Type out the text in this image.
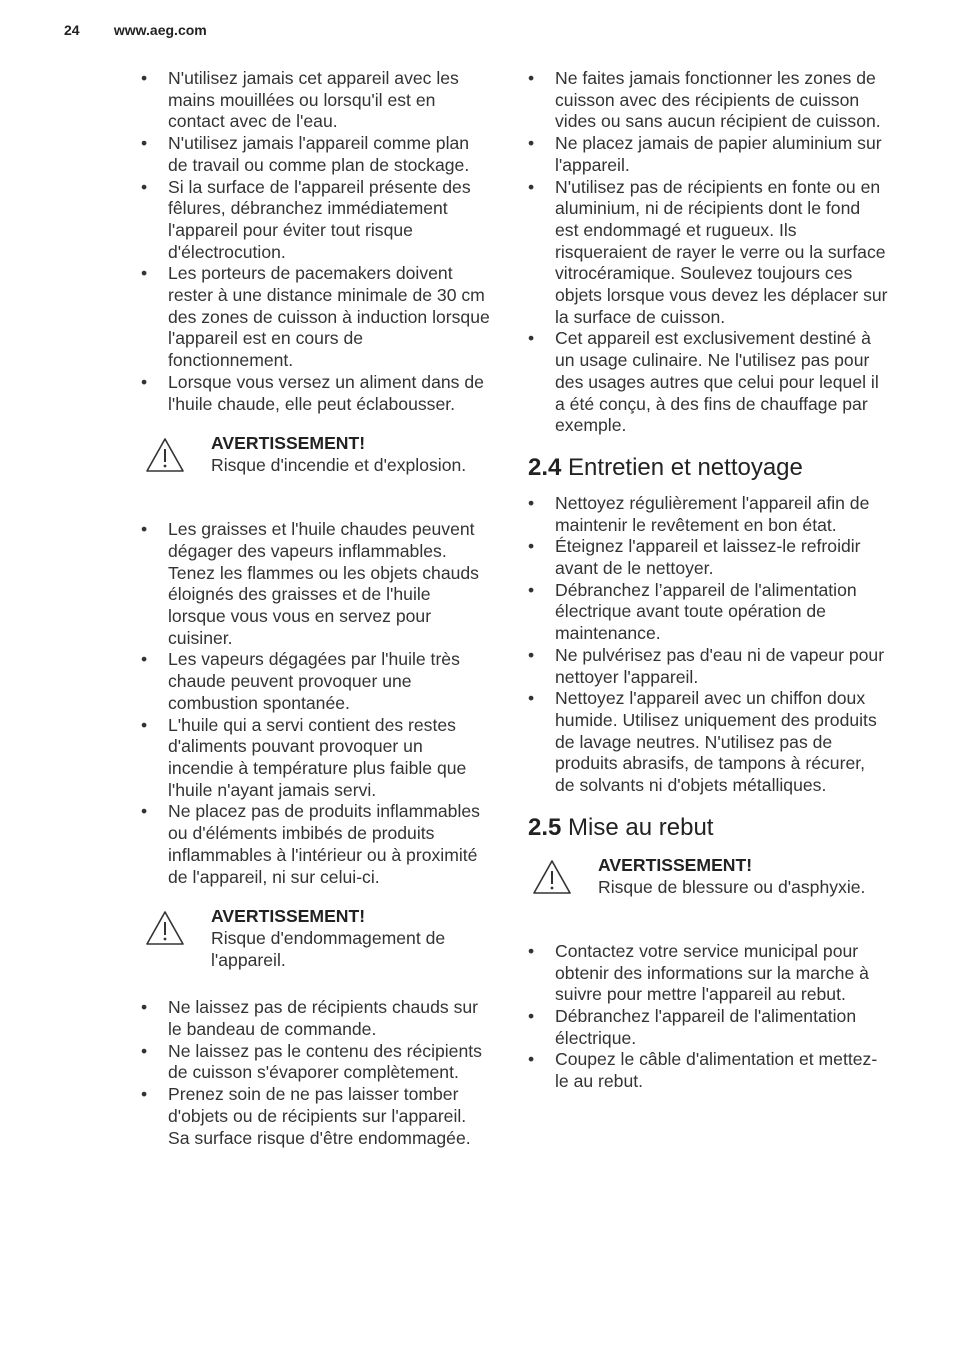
24 www.aeg.com
• N'utilisez jamais cet appareil avec les mains mouillées ou lorsqu'il est en contact avec de l'eau.
• N'utilisez jamais l'appareil comme plan de travail ou comme plan de stockage.
• Si la surface de l'appareil présente des fêlures, débranchez immédiatement l'appareil pour éviter tout risque d'électrocution.
• Les porteurs de pacemakers doivent rester à une distance minimale de 30 cm des zones de cuisson à induction lorsque l'appareil est en cours de fonctionnement.
• Lorsque vous versez un aliment dans de l'huile chaude, elle peut éclabousser.
AVERTISSEMENT!
Risque d'incendie et d'explosion.
• Les graisses et l'huile chaudes peuvent dégager des vapeurs inflammables. Tenez les flammes ou les objets chauds éloignés des graisses et de l'huile lorsque vous vous en servez pour cuisiner.
• Les vapeurs dégagées par l'huile très chaude peuvent provoquer une combustion spontanée.
• L'huile qui a servi contient des restes d'aliments pouvant provoquer un incendie à température plus faible que l'huile n'ayant jamais servi.
• Ne placez pas de produits inflammables ou d'éléments imbibés de produits inflammables à l'intérieur ou à proximité de l'appareil, ni sur celui-ci.
AVERTISSEMENT!
Risque d'endommagement de l'appareil.
• Ne laissez pas de récipients chauds sur le bandeau de commande.
• Ne laissez pas le contenu des récipients de cuisson s'évaporer complètement.
• Prenez soin de ne pas laisser tomber d'objets ou de récipients sur l'appareil. Sa surface risque d'être endommagée.
• Ne faites jamais fonctionner les zones de cuisson avec des récipients de cuisson vides ou sans aucun récipient de cuisson.
• Ne placez jamais de papier aluminium sur l'appareil.
• N'utilisez pas de récipients en fonte ou en aluminium, ni de récipients dont le fond est endommagé et rugueux. Ils risqueraient de rayer le verre ou la surface vitrocéramique. Soulevez toujours ces objets lorsque vous devez les déplacer sur la surface de cuisson.
• Cet appareil est exclusivement destiné à un usage culinaire. Ne l'utilisez pas pour des usages autres que celui pour lequel il a été conçu, à des fins de chauffage par exemple.
2.4 Entretien et nettoyage
• Nettoyez régulièrement l'appareil afin de maintenir le revêtement en bon état.
• Éteignez l'appareil et laissez-le refroidir avant de le nettoyer.
• Débranchez l’appareil de l'alimentation électrique avant toute opération de maintenance.
• Ne pulvérisez pas d'eau ni de vapeur pour nettoyer l'appareil.
• Nettoyez l'appareil avec un chiffon doux humide. Utilisez uniquement des produits de lavage neutres. N'utilisez pas de produits abrasifs, de tampons à récurer, de solvants ni d'objets métalliques.
2.5 Mise au rebut
AVERTISSEMENT!
Risque de blessure ou d'asphyxie.
• Contactez votre service municipal pour obtenir des informations sur la marche à suivre pour mettre l'appareil au rebut.
• Débranchez l'appareil de l'alimentation électrique.
• Coupez le câble d'alimentation et mettez-le au rebut.
